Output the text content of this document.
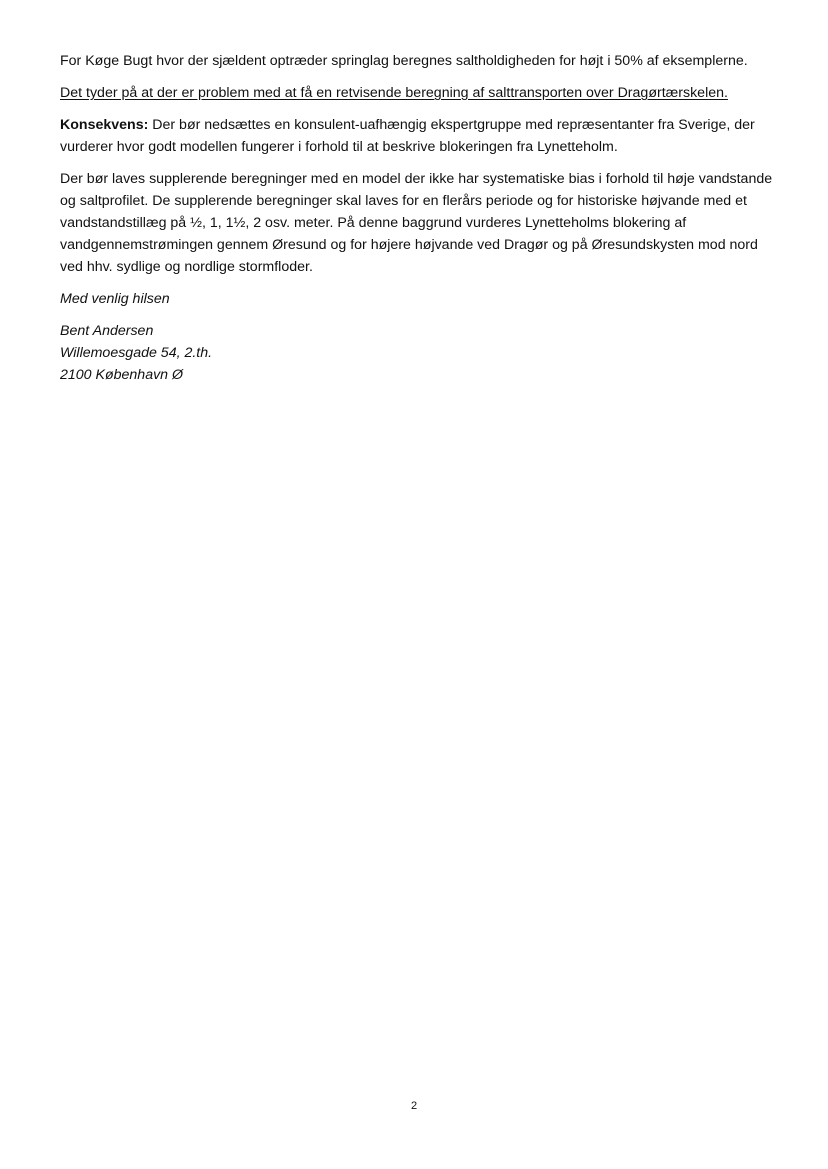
For Køge Bugt hvor der sjældent optræder springlag beregnes saltholdigheden for højt i 50% af eksemplerne.

Det tyder på at der er problem med at få en retvisende beregning af salttransporten over Dragørtærskelen.

Konsekvens: Der bør nedsættes en konsulent-uafhængig ekspertgruppe med repræsentanter fra Sverige, der vurderer hvor godt modellen fungerer i forhold til at beskrive blokeringen fra Lynetteholm.

Der bør laves supplerende beregninger med en model der ikke har systematiske bias i forhold til høje vandstande og saltprofilet. De supplerende beregninger skal laves for en flerårs periode og for historiske højvande med et vandstandstillæg på ½, 1, 1½, 2 osv. meter. På denne baggrund vurderes Lynetteholms blokering af vandgennemstrømingen gennem Øresund og for højere højvande ved Dragør og på Øresundskysten mod nord ved hhv. sydlige og nordlige stormfloder.

Med venlig hilsen

Bent Andersen
Willemoesgade 54, 2.th.
2100 København Ø
2
